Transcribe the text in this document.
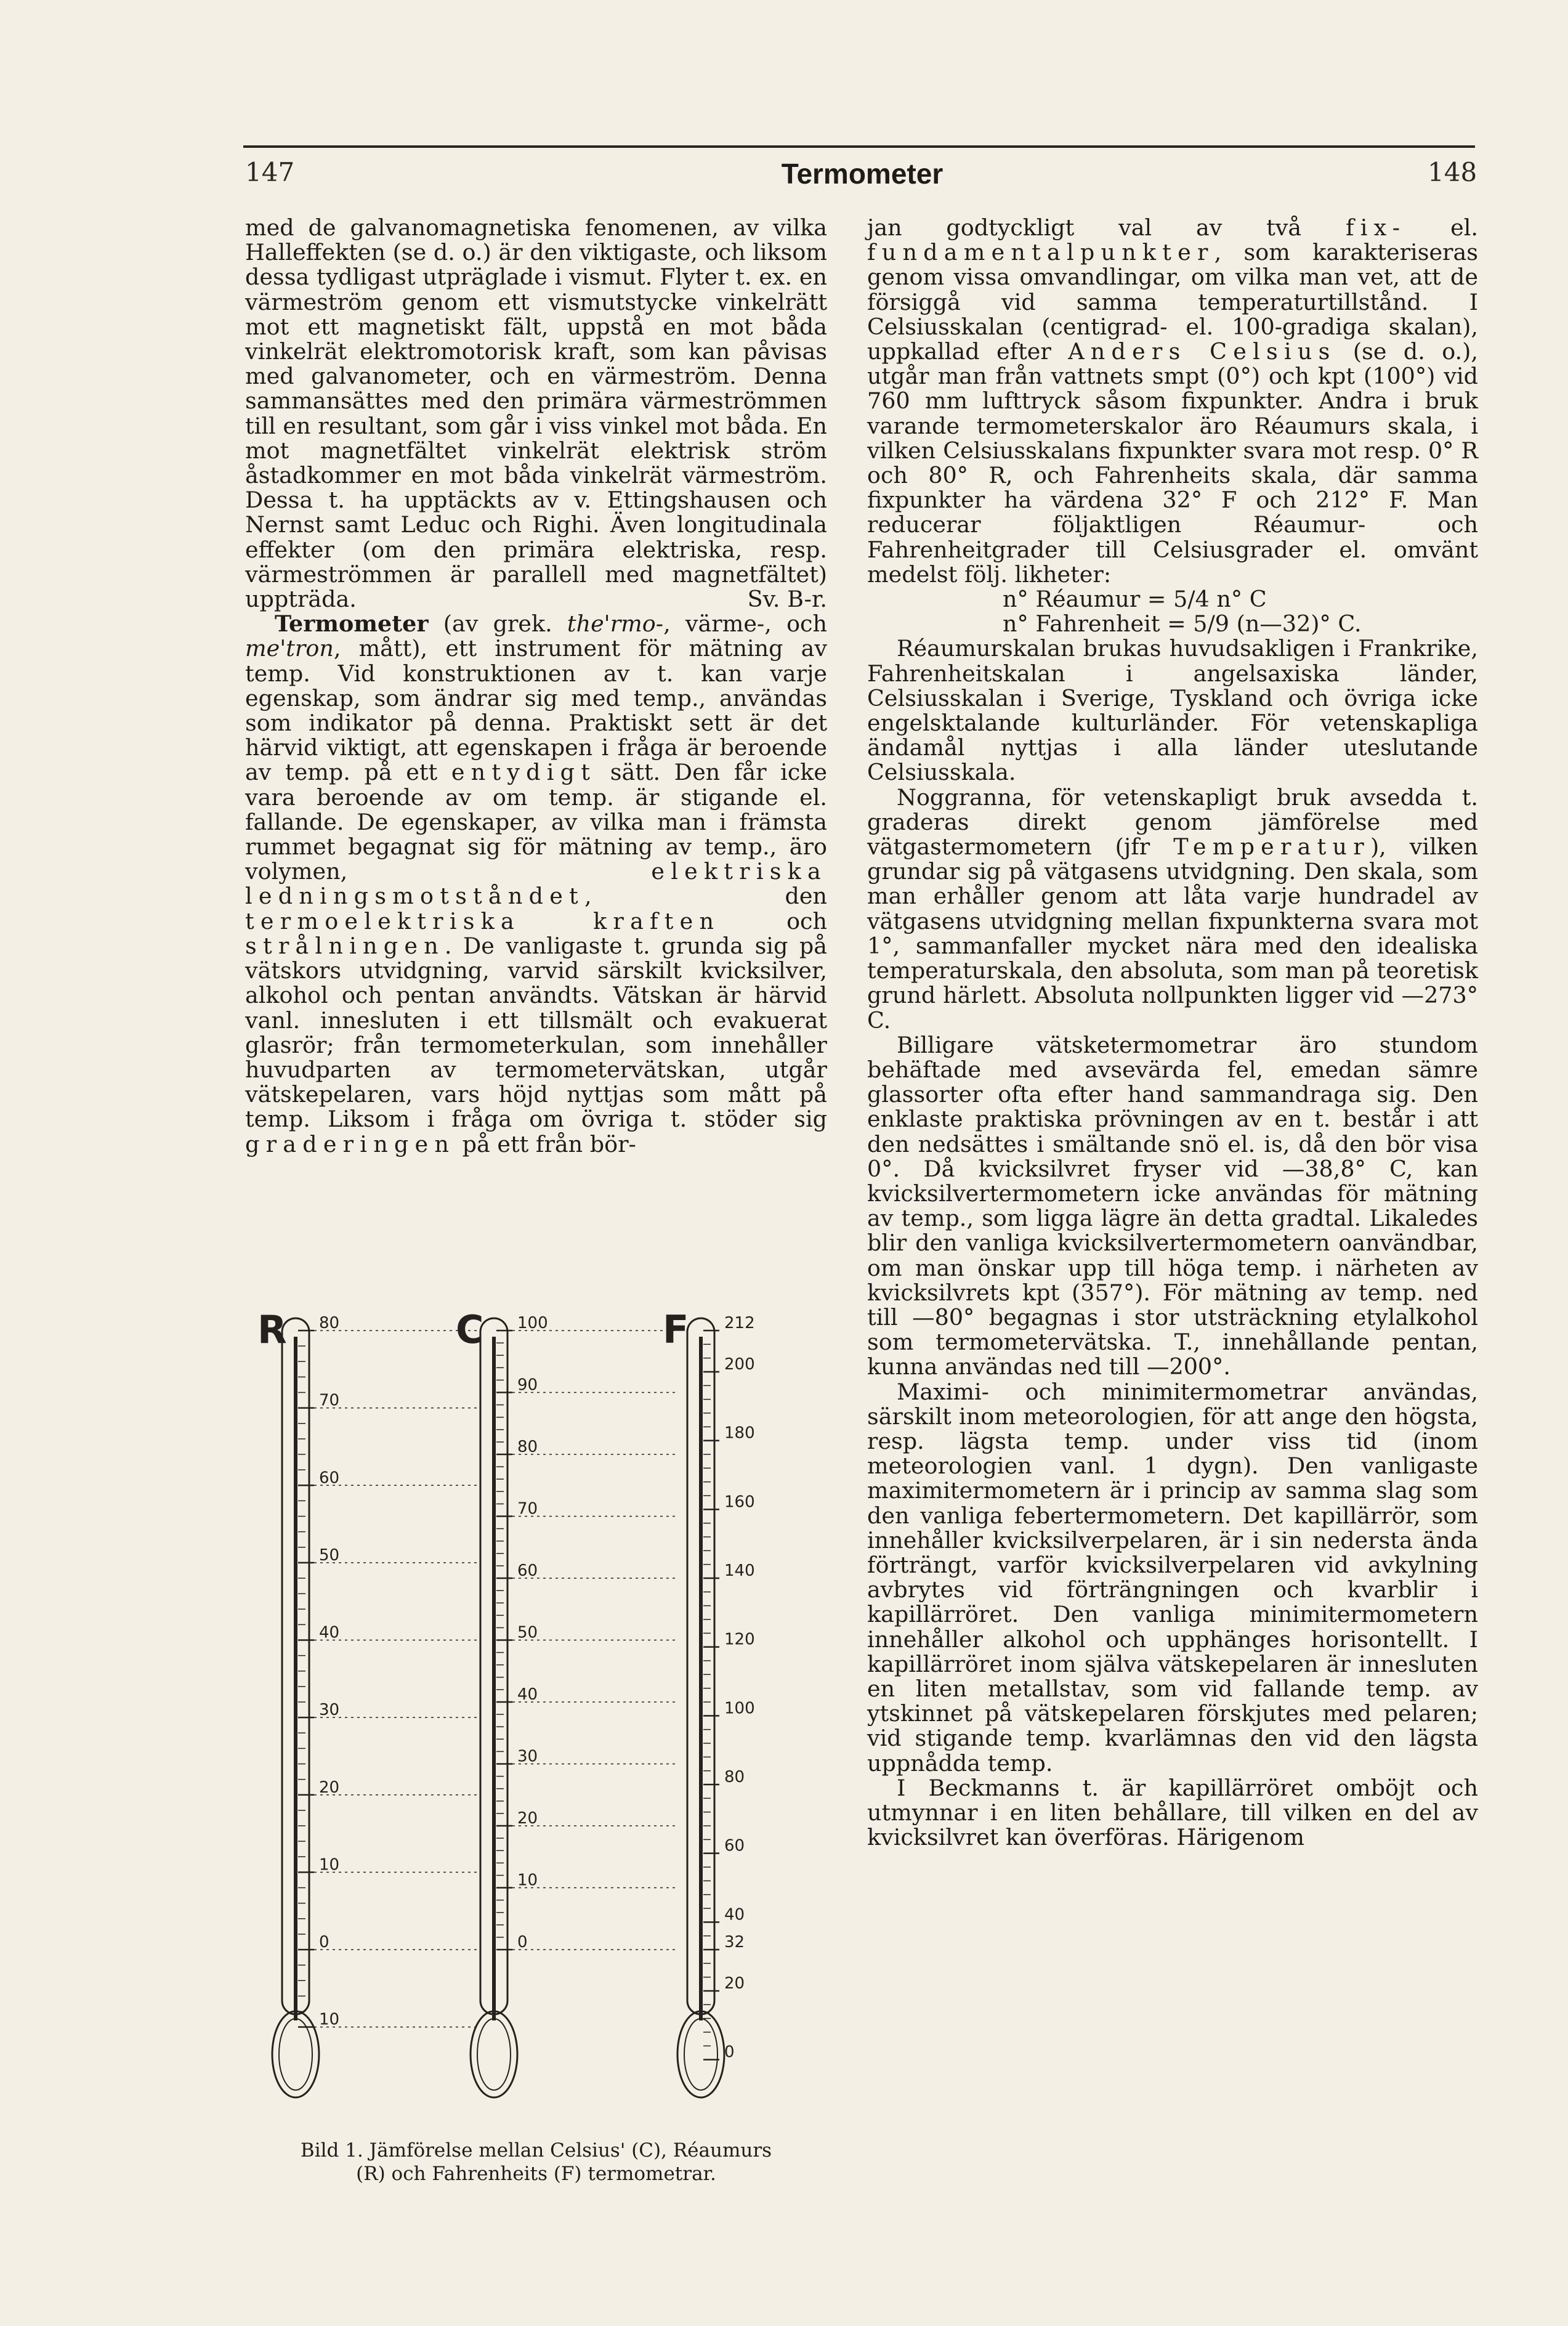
147	Termometer	148

med de galvanomagnetiska fenomenen, av vilka Halleffekten (se d. o.) är den viktigaste, och liksom dessa tydligast utpräglade i vismut. Flyter t. ex. en värmeström genom ett vismutstycke vinkelrätt mot ett magnetiskt fält, uppstå en mot båda vinkelrät elektromotorisk kraft, som kan påvisas med galvanometer, och en värmeström. Denna sammansättes med den primära värmeströmmen till en resultant, som går i viss vinkel mot båda. En mot magnetfältet vinkelrät elektrisk ström åstadkommer en mot båda vinkelrät värmeström. Dessa t. ha upptäckts av v. Ettingshausen och Nernst samt Leduc och Righi. Även longitudinala effekter (om den primära elektriska, resp. värmeströmmen är parallell med magnetfältet) uppträda.	Sv. B-r.

Termometer (av grek. the'rmo-, värme-, och me'tron, mått), ett instrument för mätning av temp. Vid konstruktionen av t. kan varje egenskap, som ändrar sig med temp., användas som indikator på denna. Praktiskt sett är det härvid viktigt, att egenskapen i fråga är beroende av temp. på ett entydigt sätt. Den får icke vara beroende av om temp. är stigande el. fallande. De egenskaper, av vilka man i främsta rummet begagnat sig för mätning av temp., äro volymen, elektriska ledningsmotståndet, den termoelektriska kraften och strålningen. De vanligaste t. grunda sig på vätskors utvidgning, varvid särskilt kvicksilver, alkohol och pentan användts. Vätskan är härvid vanl. innesluten i ett tillsmält och evakuerat glasrör; från termometerkulan, som innehåller huvudparten av termometervätskan, utgår vätskepelaren, vars höjd nyttjas som mått på temp. Liksom i fråga om övriga t. stöder sig graderingen på ett från bör-

R 80
70
60
50
40
30
20
10
0
10
C 100
90
80
70
60
50
40
30
20
10
0
F 212
200
180
160
140
120
100
80
60
40
32
20
0
Bild 1. Jämförelse mellan Celsius' (C), Réaumurs
(R) och Fahrenheits (F) termometrar.

jan godtyckligt val av två fix- el. fundamentalpunkter, som karakteriseras genom vissa omvandlingar, om vilka man vet, att de försiggå vid samma temperaturtillstånd. I Celsiusskalan (centigrad- el. 100-gradiga skalan), uppkallad efter Anders Celsius (se d. o.), utgår man från vattnets smpt (0°) och kpt (100°) vid 760 mm lufttryck såsom fixpunkter. Andra i bruk varande termometerskalor äro Réaumurs skala, i vilken Celsiusskalans fixpunkter svara mot resp. 0° R och 80° R, och Fahrenheits skala, där samma fixpunkter ha värdena 32° F och 212° F. Man reducerar följaktligen Réaumur- och Fahrenheitgrader till Celsiusgrader el. omvänt medelst följ. likheter:

n° Réaumur = 5/4 n° C

n° Fahrenheit = 5/9 (n—32)° C.

Réaumurskalan brukas huvudsakligen i Frankrike, Fahrenheitskalan i angelsaxiska länder, Celsiusskalan i Sverige, Tyskland och övriga icke engelsktalande kulturländer. För vetenskapliga ändamål nyttjas i alla länder uteslutande Celsiusskala.

Noggranna, för vetenskapligt bruk avsedda t. graderas direkt genom jämförelse med vätgastermometern (jfr Temperatur), vilken grundar sig på vätgasens utvidgning. Den skala, som man erhåller genom att låta varje hundradel av vätgasens utvidgning mellan fixpunkterna svara mot 1°, sammanfaller mycket nära med den idealiska temperaturskala, den absoluta, som man på teoretisk grund härlett. Absoluta nollpunkten ligger vid —273° C.

Billigare vätsketermometrar äro stundom behäftade med avsevärda fel, emedan sämre glassorter ofta efter hand sammandraga sig. Den enklaste praktiska prövningen av en t. består i att den nedsättes i smältande snö el. is, då den bör visa 0°. Då kvicksilvret fryser vid —38,8° C, kan kvicksilvertermometern icke användas för mätning av temp., som ligga lägre än detta gradtal. Likaledes blir den vanliga kvicksilvertermometern oanvändbar, om man önskar upp till höga temp. i närheten av kvicksilvrets kpt (357°). För mätning av temp. ned till —80° begagnas i stor utsträckning etylalkohol som termometervätska. T., innehållande pentan, kunna användas ned till —200°.

Maximi- och minimitermometrar användas, särskilt inom meteorologien, för att ange den högsta, resp. lägsta temp. under viss tid (inom meteorologien vanl. 1 dygn). Den vanligaste maximitermometern är i princip av samma slag som den vanliga febertermometern. Det kapillärrör, som innehåller kvicksilverpelaren, är i sin nedersta ända förträngt, varför kvicksilverpelaren vid avkylning avbrytes vid förträngningen och kvarblir i kapillärröret. Den vanliga minimitermometern innehåller alkohol och upphänges horisontellt. I kapillärröret inom själva vätskepelaren är innesluten en liten metallstav, som vid fallande temp. av ytskinnet på vätskepelaren förskjutes med pelaren; vid stigande temp. kvarlämnas den vid den lägsta uppnådda temp.

I Beckmanns t. är kapillärröret omböjt och utmynnar i en liten behållare, till vilken en del av kvicksilvret kan överföras. Härigenom
